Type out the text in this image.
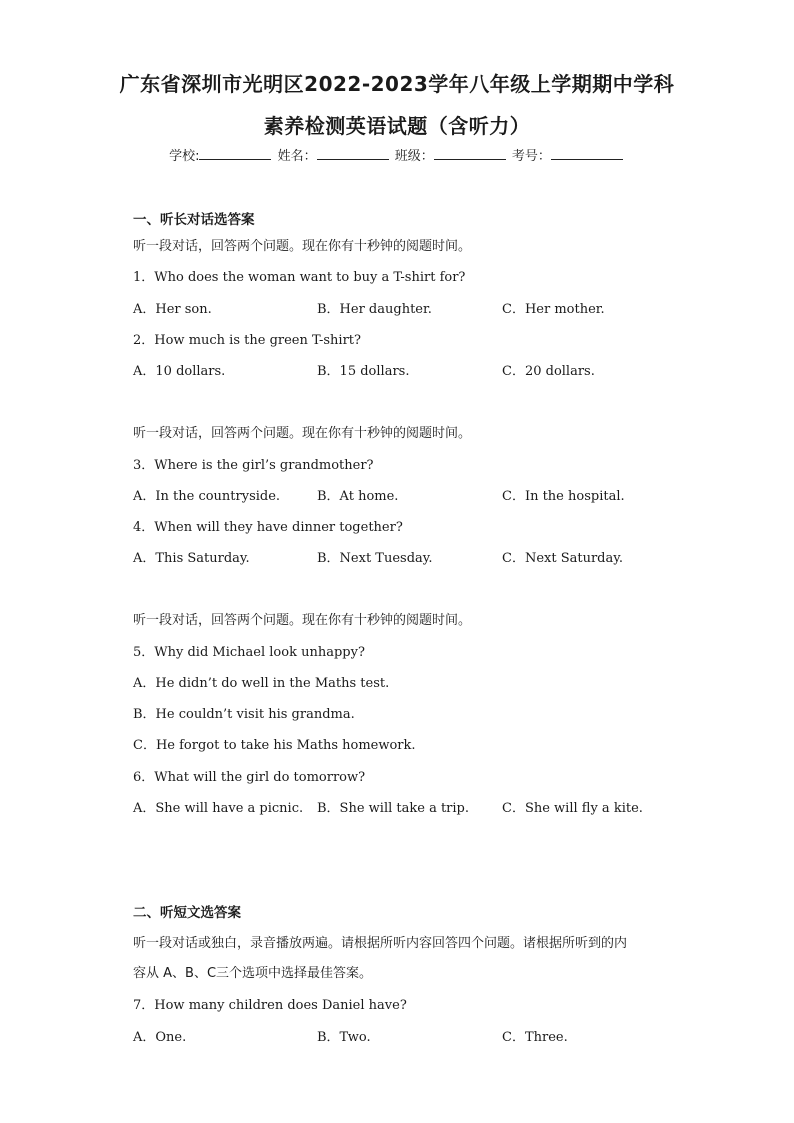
广东省深圳市光明区2022-2023学年八年级上学期期中学科
素养检测英语试题（含听力）
学校:	姓名：	班级：	考号：
一、听长对话选答案
听一段对话，回答两个问题。现在你有十秒钟的阅题时间。
1．Who does the woman want to buy a T-shirt for?
A．Her son.	B．Her daughter.	C．Her mother.
2．How much is the green T-shirt?
A．10 dollars.	B．15 dollars.	C．20 dollars.
听一段对话，回答两个问题。现在你有十秒钟的阅题时间。
3．Where is the girl’s grandmother?
A．In the countryside.	B．At home.	C．In the hospital.
4．When will they have dinner together?
A．This Saturday.	B．Next Tuesday.	C．Next Saturday.
听一段对话，回答两个问题。现在你有十秒钟的阅题时间。
5．Why did Michael look unhappy?
A．He didn’t do well in the Maths test.
B．He couldn’t visit his grandma.
C．He forgot to take his Maths homework.
6．What will the girl do tomorrow?
A．She will have a picnic. B．She will take a trip.	C．She will fly a kite.
二、听短文选答案
听一段对话或独白，录音播放两遍。请根据所听内容回答四个问题。诸根据所听到的内
容从 A、B、C三个选项中选择最佳答案。
7．How many children does Daniel have?
A．One.	B．Two.	C．Three.
